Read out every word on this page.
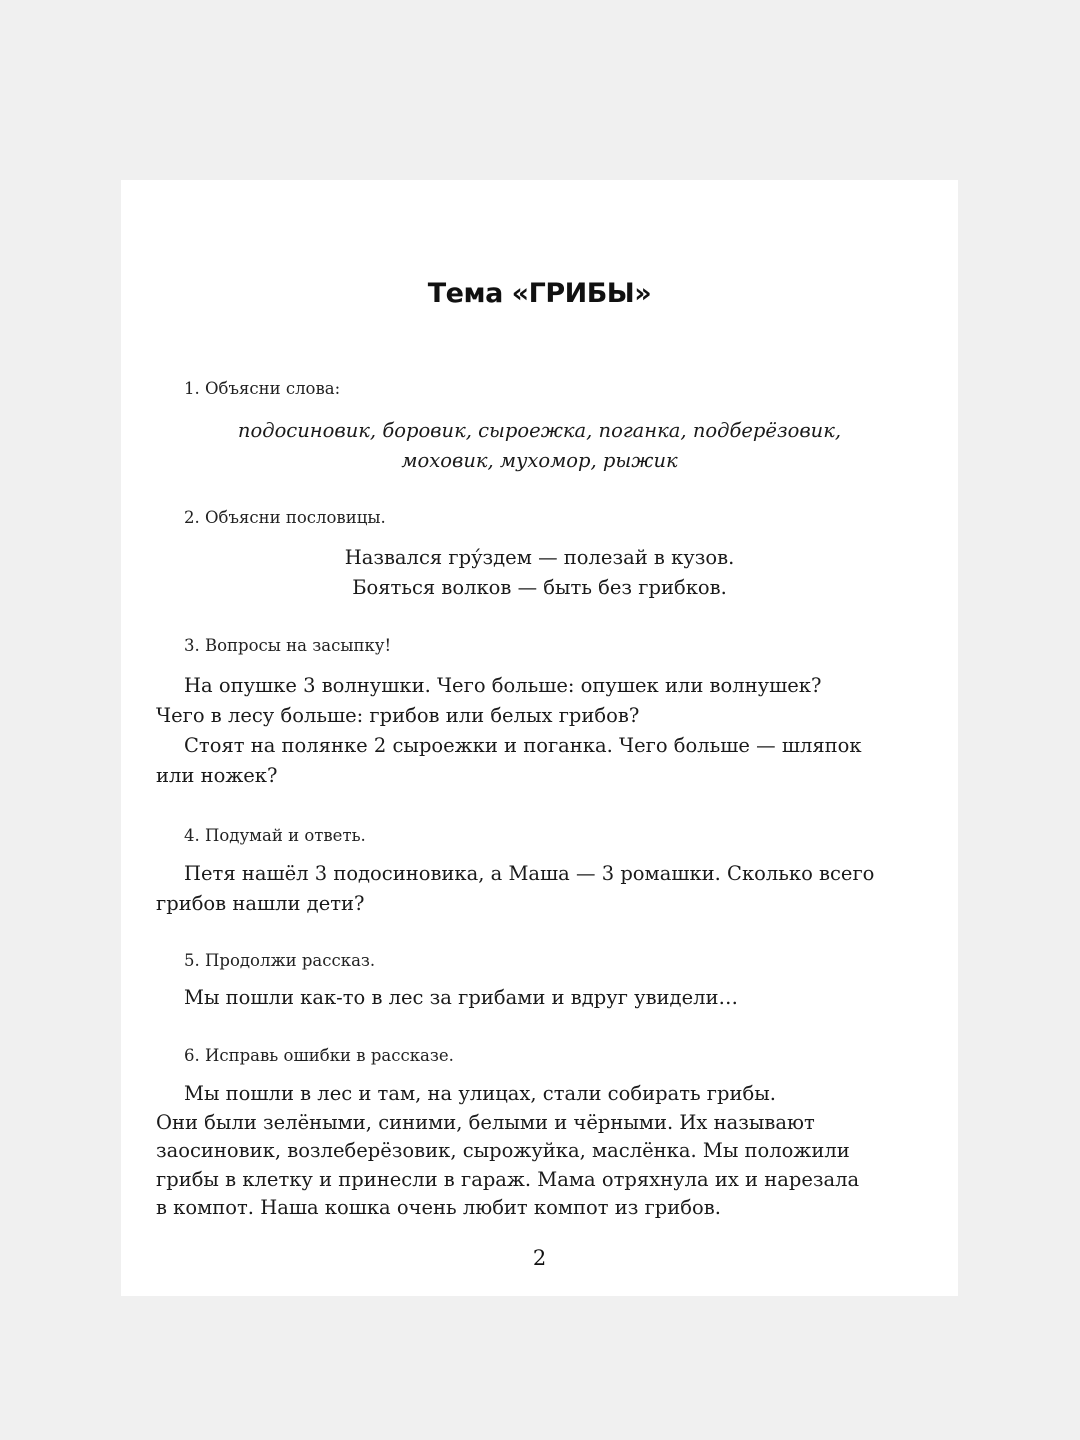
Тема «ГРИБЫ»
1. Объясни слова:
подосиновик, боровик, сыроежка, поганка, подберёзовик,
моховик, мухомор, рыжик
2. Объясни пословицы.
Назвался гру́здем — полезай в кузов.
Бояться волков — быть без грибков.
3. Вопросы на засыпку!
На опушке 3 волнушки. Чего больше: опушек или волнушек?
Чего в лесу больше: грибов или белых грибов?
Стоят на полянке 2 сыроежки и поганка. Чего больше — шляпок
или ножек?
4. Подумай и ответь.
Петя нашёл 3 подосиновика, а Маша — 3 ромашки. Сколько всего
грибов нашли дети?
5. Продолжи рассказ.
Мы пошли как-то в лес за грибами и вдруг увидели…
6. Исправь ошибки в рассказе.
Мы пошли в лес и там, на улицах, стали собирать грибы.
Они были зелёными, синими, белыми и чёрными. Их называют
заосиновик, возлеберёзовик, сырожуйка, маслёнка. Мы положили
грибы в клетку и принесли в гараж. Мама отряхнула их и нарезала
в компот. Наша кошка очень любит компот из грибов.
2
